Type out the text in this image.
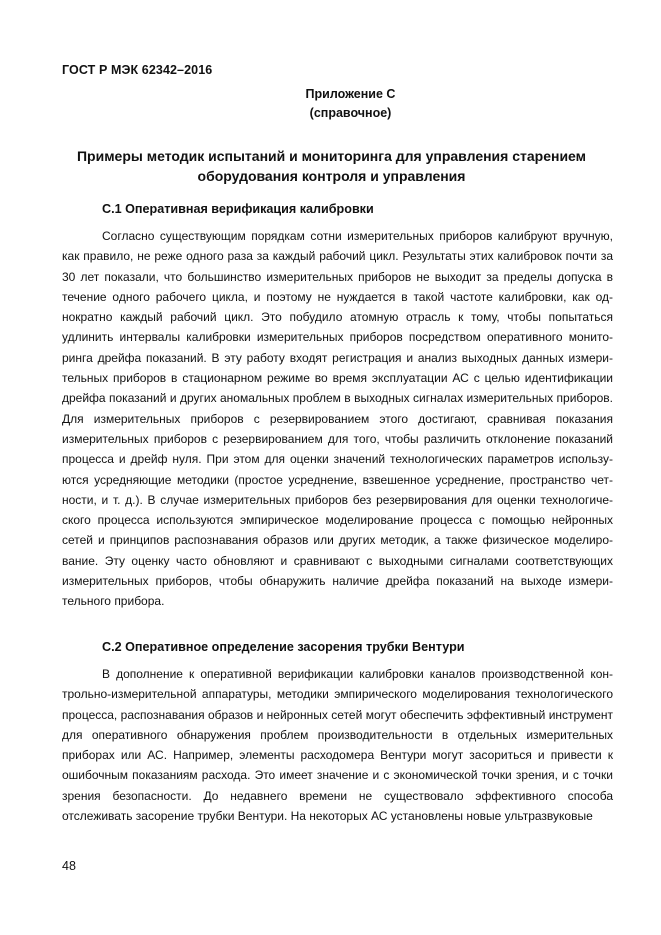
ГОСТ Р МЭК 62342–2016
Приложение С
(справочное)
Примеры методик испытаний и мониторинга для управления старением оборудования контроля и управления
С.1 Оперативная верификация калибровки
Согласно существующим порядкам сотни измерительных приборов калибруют вручную, как правило, не реже одного раза за каждый рабочий цикл. Результаты этих калибровок почти за 30 лет показали, что большинство измерительных приборов не выходит за пределы допуска в течение одного рабочего цикла, и поэтому не нуждается в такой частоте калибровки, как однократно каждый рабочий цикл. Это побудило атомную отрасль к тому, чтобы попытаться удлинить интервалы калибровки измерительных приборов посредством оперативного мониторинга дрейфа показаний. В эту работу входят регистрация и анализ выходных данных измерительных приборов в стационарном режиме во время эксплуатации АС с целью идентификации дрейфа показаний и других аномальных проблем в выходных сигналах измерительных приборов. Для измерительных приборов с резервированием этого достигают, сравнивая показания измерительных приборов с резервированием для того, чтобы различить отклонение показаний процесса и дрейф нуля. При этом для оценки значений технологических параметров используются усредняющие методики (простое усреднение, взвешенное усреднение, пространство четности, и т. д.). В случае измерительных приборов без резервирования для оценки технологического процесса используются эмпирическое моделирование процесса с помощью нейронных сетей и принципов распознавания образов или других методик, а также физическое моделирование. Эту оценку часто обновляют и сравнивают с выходными сигналами соответствующих измерительных приборов, чтобы обнаружить наличие дрейфа показаний на выходе измерительного прибора.
С.2 Оперативное определение засорения трубки Вентури
В дополнение к оперативной верификации калибровки каналов производственной контрольно-измерительной аппаратуры, методики эмпирического моделирования технологического процесса, распознавания образов и нейронных сетей могут обеспечить эффективный инструмент для оперативного обнаружения проблем производительности в отдельных измерительных приборах или АС. Например, элементы расходомера Вентури могут засориться и привести к ошибочным показаниям расхода. Это имеет значение и с экономической точки зрения, и с точки зрения безопасности. До недавнего времени не существовало эффективного способа отслеживать засорение трубки Вентури. На некоторых АС установлены новые ультразвуковые
48
